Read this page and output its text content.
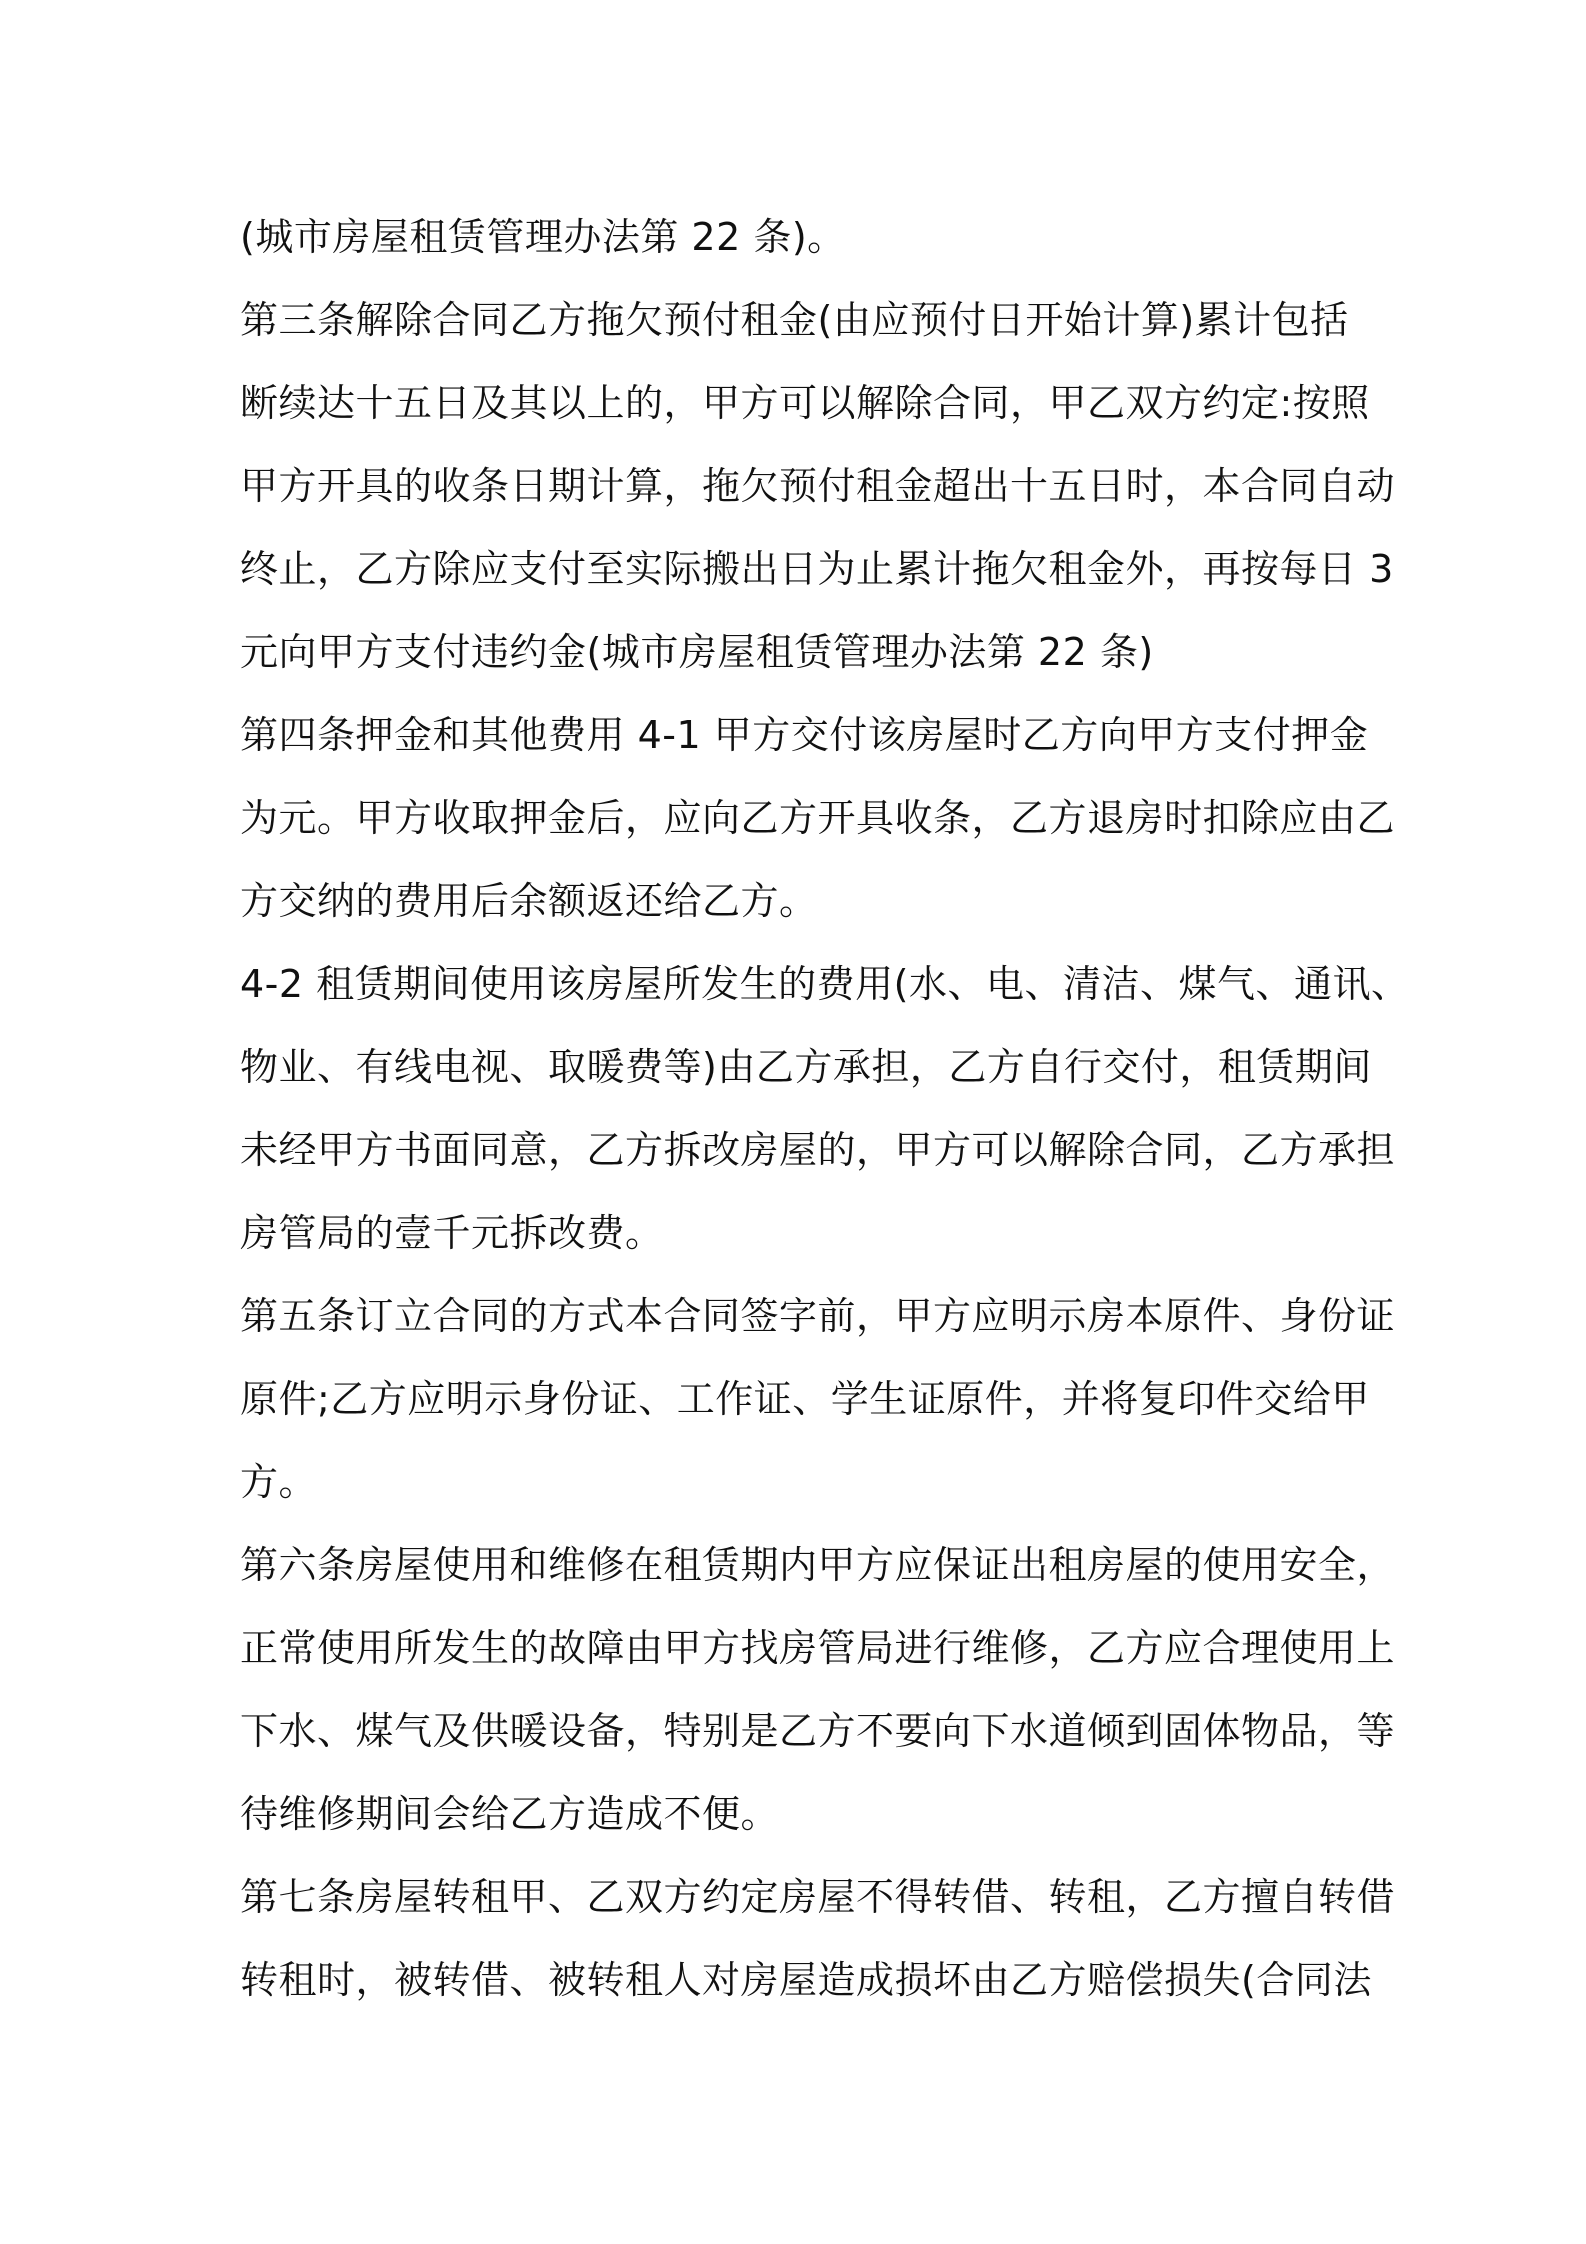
(城市房屋租赁管理办法第 22 条)。
第三条解除合同乙方拖欠预付租金(由应预付日开始计算)累计包括
断续达十五日及其以上的，甲方可以解除合同，甲乙双方约定:按照
甲方开具的收条日期计算，拖欠预付租金超出十五日时，本合同自动
终止，乙方除应支付至实际搬出日为止累计拖欠租金外，再按每日 3
元向甲方支付违约金(城市房屋租赁管理办法第 22 条)
第四条押金和其他费用 4-1 甲方交付该房屋时乙方向甲方支付押金
为元。甲方收取押金后，应向乙方开具收条，乙方退房时扣除应由乙
方交纳的费用后余额返还给乙方。
4-2 租赁期间使用该房屋所发生的费用(水、电、清洁、煤气、通讯、
物业、有线电视、取暖费等)由乙方承担，乙方自行交付，租赁期间
未经甲方书面同意，乙方拆改房屋的，甲方可以解除合同，乙方承担
房管局的壹千元拆改费。
第五条订立合同的方式本合同签字前，甲方应明示房本原件、身份证
原件;乙方应明示身份证、工作证、学生证原件，并将复印件交给甲
方。
第六条房屋使用和维修在租赁期内甲方应保证出租房屋的使用安全，
正常使用所发生的故障由甲方找房管局进行维修，乙方应合理使用上
下水、煤气及供暖设备，特别是乙方不要向下水道倾到固体物品，等
待维修期间会给乙方造成不便。
第七条房屋转租甲、乙双方约定房屋不得转借、转租，乙方擅自转借
转租时，被转借、被转租人对房屋造成损坏由乙方赔偿损失(合同法
